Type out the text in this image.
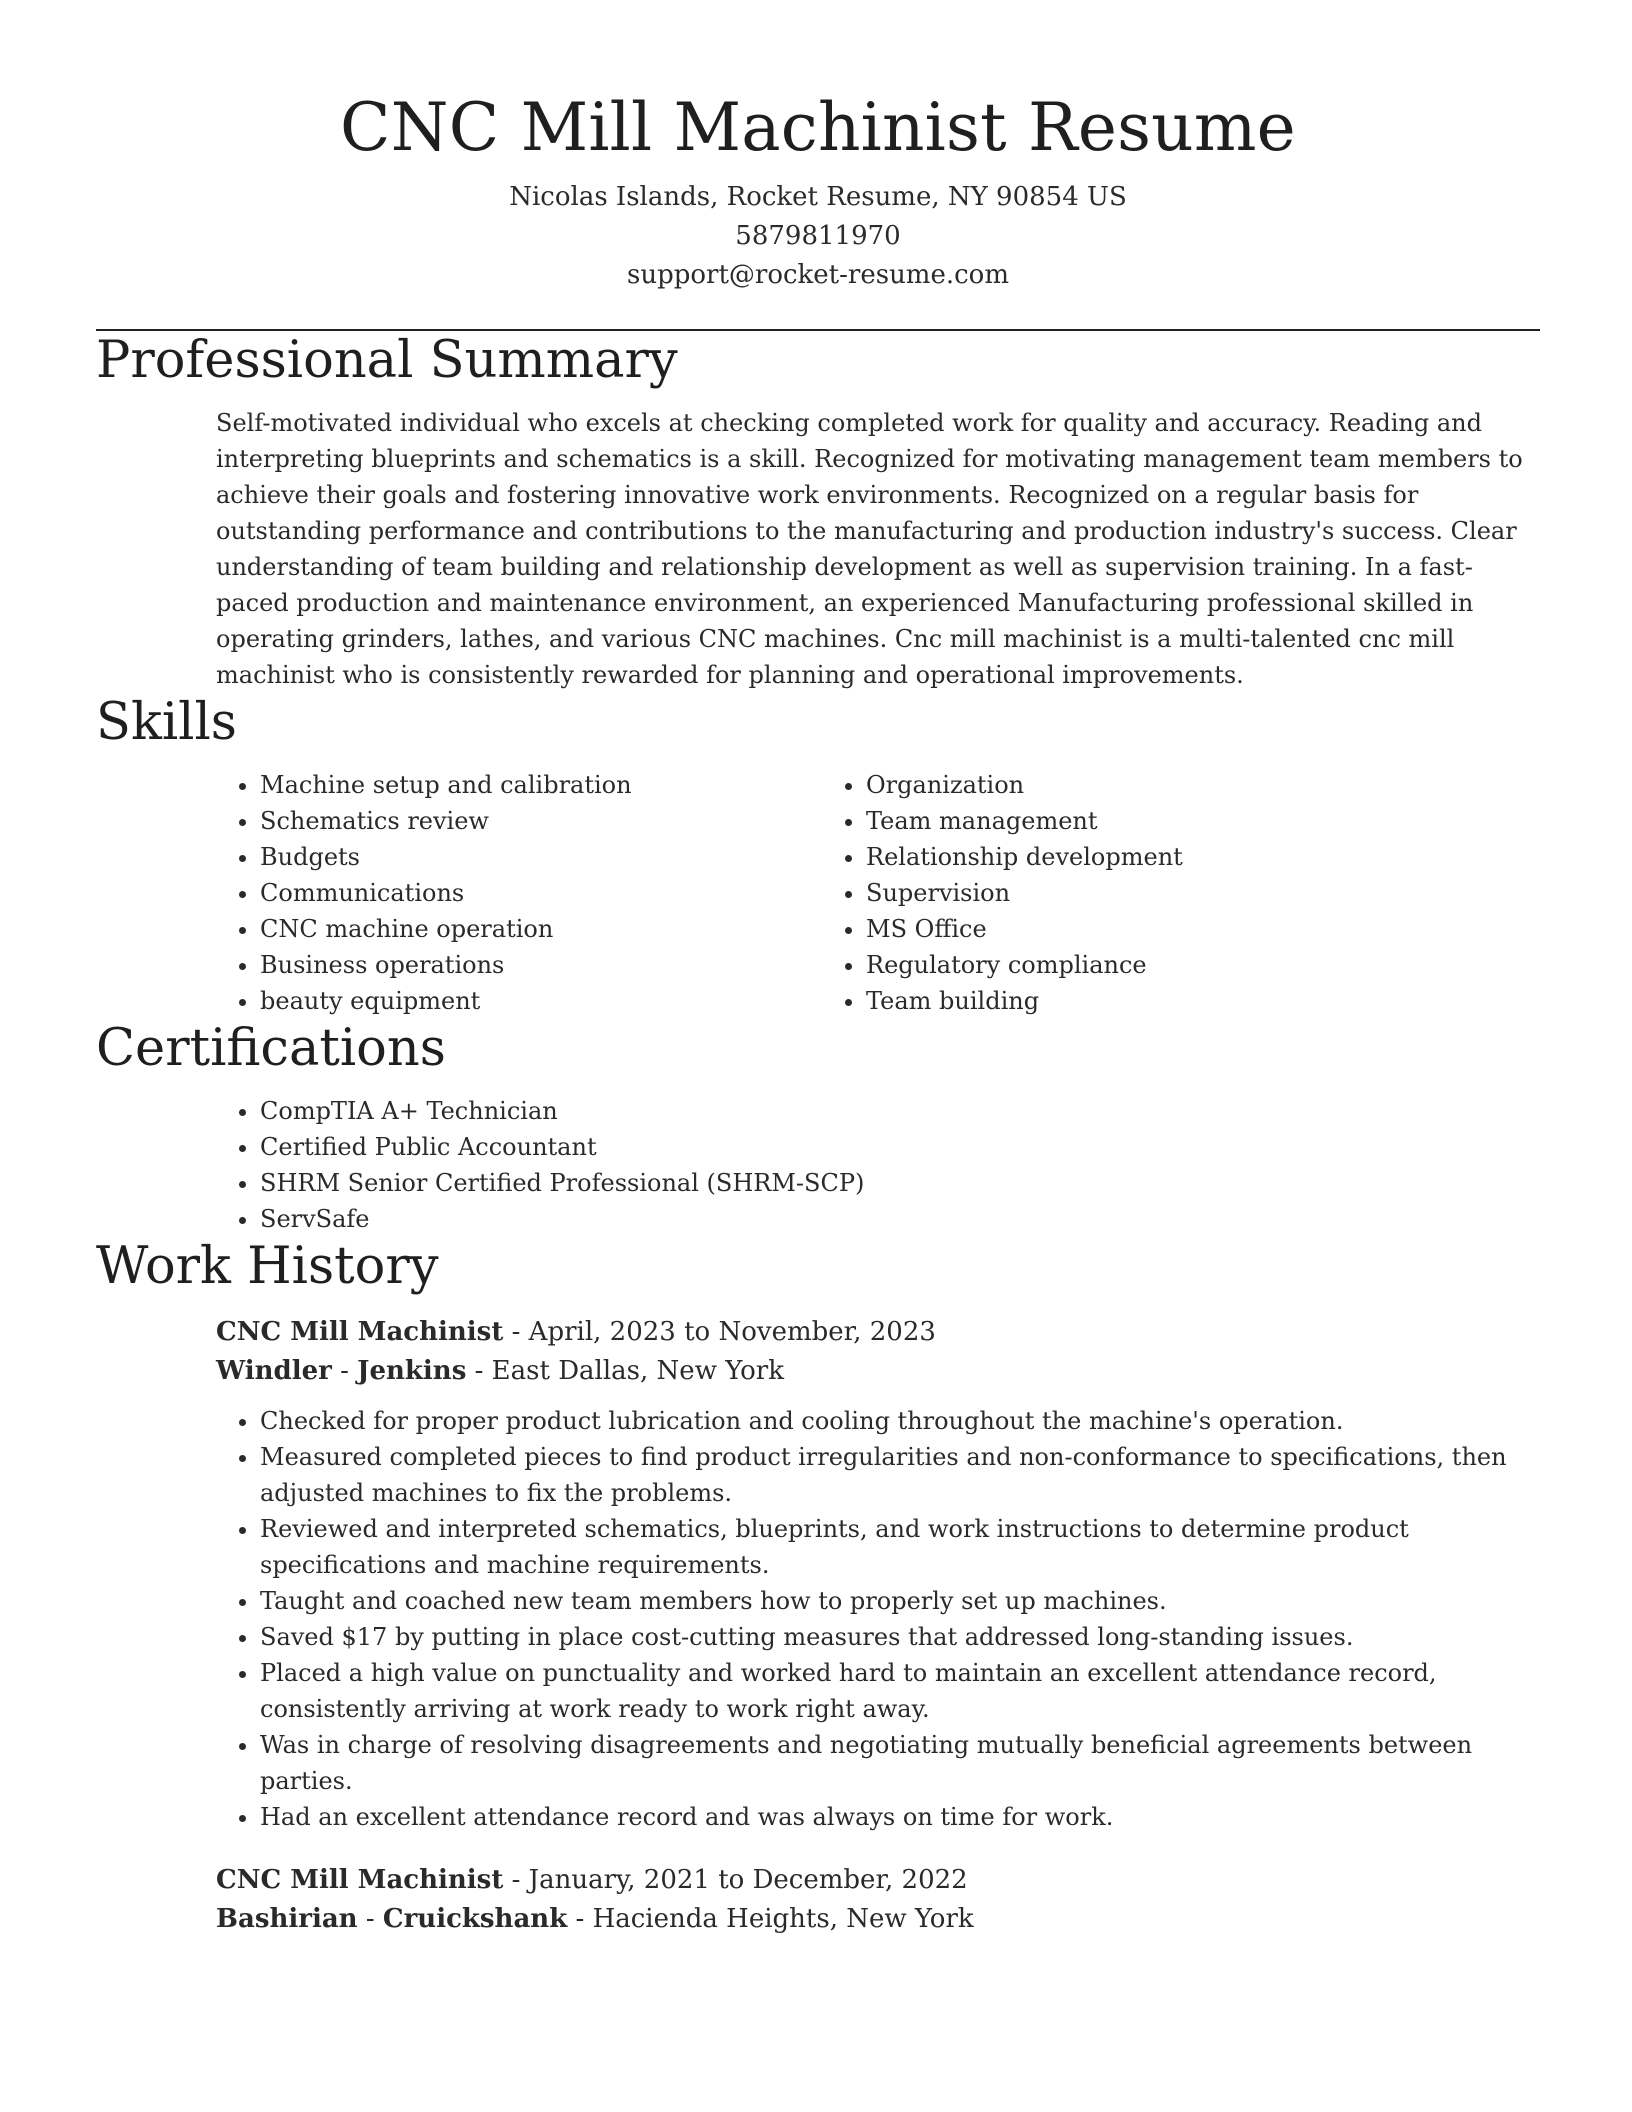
CNC Mill Machinist Resume
Nicolas Islands, Rocket Resume, NY 90854 US
5879811970
support@rocket-resume.com
Professional Summary

Self-motivated individual who excels at checking completed work for quality and accuracy. Reading and interpreting blueprints and schematics is a skill. Recognized for motivating management team members to achieve their goals and fostering innovative work environments. Recognized on a regular basis for outstanding performance and contributions to the manufacturing and production industry's success. Clear understanding of team building and relationship development as well as supervision training. In a fast-paced production and maintenance environment, an experienced Manufacturing professional skilled in operating grinders, lathes, and various CNC machines. Cnc mill machinist is a multi-talented cnc mill machinist who is consistently rewarded for planning and operational improvements.

Skills
• Machine setup and calibration
• Schematics review
• Budgets
• Communications
• CNC machine operation
• Business operations
• beauty equipment
• Organization
• Team management
• Relationship development
• Supervision
• MS Office
• Regulatory compliance
• Team building
Certifications
• CompTIA A+ Technician
• Certified Public Accountant
• SHRM Senior Certified Professional (SHRM-SCP)
• ServSafe
Work History
CNC Mill Machinist - April, 2023 to November, 2023
Windler - Jenkins - East Dallas, New York
• Checked for proper product lubrication and cooling throughout the machine's operation.
• Measured completed pieces to find product irregularities and non-conformance to specifications, then adjusted machines to fix the problems.
• Reviewed and interpreted schematics, blueprints, and work instructions to determine product specifications and machine requirements.
• Taught and coached new team members how to properly set up machines.
• Saved $17 by putting in place cost-cutting measures that addressed long-standing issues.
• Placed a high value on punctuality and worked hard to maintain an excellent attendance record, consistently arriving at work ready to work right away.
• Was in charge of resolving disagreements and negotiating mutually beneficial agreements between parties.
• Had an excellent attendance record and was always on time for work.
CNC Mill Machinist - January, 2021 to December, 2022
Bashirian - Cruickshank - Hacienda Heights, New York
